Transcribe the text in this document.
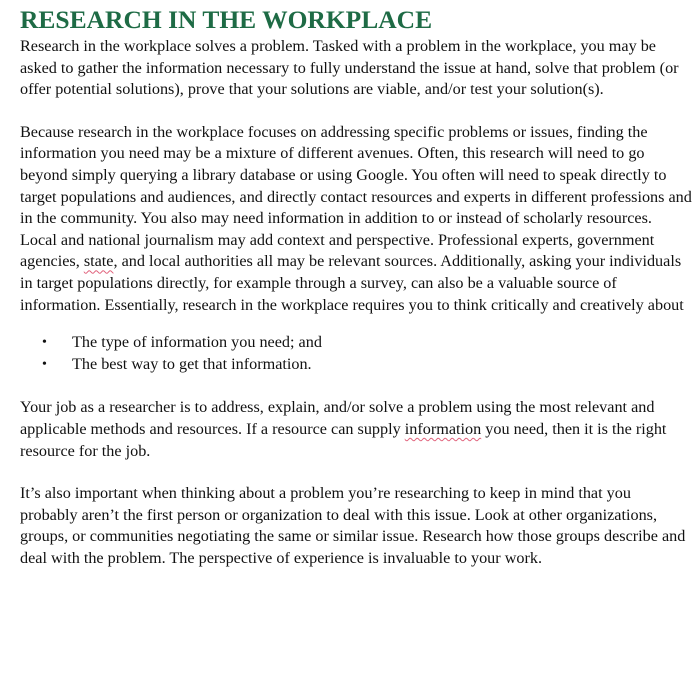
RESEARCH IN THE WORKPLACE

Research in the workplace solves a problem. Tasked with a problem in the workplace, you may be asked to gather the information necessary to fully understand the issue at hand, solve that problem (or offer potential solutions), prove that your solutions are viable, and/or test your solution(s).

Because research in the workplace focuses on addressing specific problems or issues, finding the information you need may be a mixture of different avenues. Often, this research will need to go beyond simply querying a library database or using Google. You often will need to speak directly to target populations and audiences, and directly contact resources and experts in different professions and in the community. You also may need information in addition to or instead of scholarly resources. Local and national journalism may add context and perspective. Professional experts, government agencies, state, and local authorities all may be relevant sources. Additionally, asking your individuals in target populations directly, for example through a survey, can also be a valuable source of information. Essentially, research in the workplace requires you to think critically and creatively about

• The type of information you need; and
• The best way to get that information.

Your job as a researcher is to address, explain, and/or solve a problem using the most relevant and applicable methods and resources. If a resource can supply information you need, then it is the right resource for the job.

It’s also important when thinking about a problem you’re researching to keep in mind that you probably aren’t the first person or organization to deal with this issue. Look at other organizations, groups, or communities negotiating the same or similar issue. Research how those groups describe and deal with the problem. The perspective of experience is invaluable to your work.
